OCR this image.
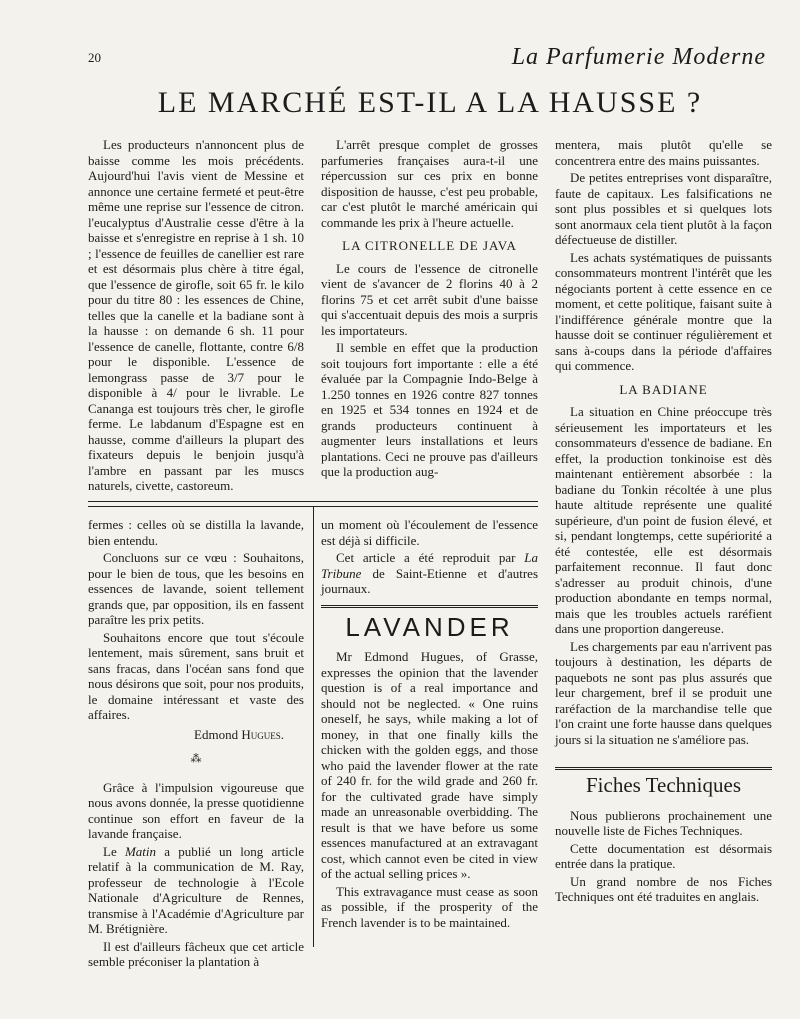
20	La Parfumerie Moderne
LE MARCHÉ EST-IL A LA HAUSSE ?

Les producteurs n'annoncent plus de baisse comme les mois précédents. Aujourd'hui l'avis vient de Messine et annonce une certaine fermeté et peut-être même une reprise sur l'essence de citron. l'eucalyptus d'Australie cesse d'être à la baisse et s'enregistre en reprise à 1 sh. 10 ; l'essence de feuilles de canellier est rare et est désormais plus chère à titre égal, que l'essence de girofle, soit 65 fr. le kilo pour du titre 80 : les essences de Chine, telles que la canelle et la badiane sont à la hausse : on demande 6 sh. 11 pour l'essence de canelle, flottante, contre 6/8 pour le disponible. L'essence de lemongrass passe de 3/7 pour le disponible à 4/ pour le livrable. Le Cananga est toujours très cher, le girofle ferme. Le labdanum d'Espagne est en hausse, comme d'ailleurs la plupart des fixateurs depuis le benjoin jusqu'à l'ambre en passant par les muscs naturels, civette, castoreum.

L'arrêt presque complet de grosses parfumeries françaises aura-t-il une répercussion sur ces prix en bonne disposition de hausse, c'est peu probable, car c'est plutôt le marché américain qui commande les prix à l'heure actuelle.

LA CITRONELLE DE JAVA

Le cours de l'essence de citronelle vient de s'avancer de 2 florins 40 à 2 florins 75 et cet arrêt subit d'une baisse qui s'accentuait depuis des mois a surpris les importateurs.

Il semble en effet que la production soit toujours fort importante : elle a été évaluée par la Compagnie Indo-Belge à 1.250 tonnes en 1926 contre 827 tonnes en 1925 et 534 tonnes en 1924 et de grands producteurs continuent à augmenter leurs installations et leurs plantations. Ceci ne prouve pas d'ailleurs que la production aug-

mentera, mais plutôt qu'elle se concentrera entre des mains puissantes.

De petites entreprises vont disparaître, faute de capitaux. Les falsifications ne sont plus possibles et si quelques lots sont anormaux cela tient plutôt à la façon défectueuse de distiller.

Les achats systématiques de puissants consommateurs montrent l'intérêt que les négociants portent à cette essence en ce moment, et cette politique, faisant suite à l'indifférence générale montre que la hausse doit se continuer régulièrement et sans à-coups dans la période d'affaires qui commence.

LA BADIANE

La situation en Chine préoccupe très sérieusement les importateurs et les consommateurs d'essence de badiane. En effet, la production tonkinoise est dès maintenant entièrement absorbée : la badiane du Tonkin récoltée à une plus haute altitude représente une qualité supérieure, d'un point de fusion élevé, et si, pendant longtemps, cette supériorité a été contestée, elle est désormais parfaitement reconnue. Il faut donc s'adresser au produit chinois, d'une production abondante en temps normal, mais que les troubles actuels raréfient dans une proportion dangereuse.

Les chargements par eau n'arrivent pas toujours à destination, les départs de paquebots ne sont pas plus assurés que leur chargement, bref il se produit une raréfaction de la marchandise telle que l'on craint une forte hausse dans quelques jours si la situation ne s'améliore pas.

Fiches Techniques

Nous publierons prochainement une nouvelle liste de Fiches Techniques.

Cette documentation est désormais entrée dans la pratique.

Un grand nombre de nos Fiches Techniques ont été traduites en anglais.

fermes : celles où se distilla la lavande, bien entendu.

Concluons sur ce vœu : Souhaitons, pour le bien de tous, que les besoins en essences de lavande, soient tellement grands que, par opposition, ils en fassent paraître les prix petits.

Souhaitons encore que tout s'écoule lentement, mais sûrement, sans bruit et sans fracas, dans l'océan sans fond que nous désirons que soit, pour nos produits, le domaine intéressant et vaste des affaires.

Edmond Hugues.
⁂

Grâce à l'impulsion vigoureuse que nous avons donnée, la presse quotidienne continue son effort en faveur de la lavande française.

Le Matin a publié un long article relatif à la communication de M. Ray, professeur de technologie à l'Ecole Nationale d'Agriculture de Rennes, transmise à l'Académie d'Agriculture par M. Brétignière.

Il est d'ailleurs fâcheux que cet article semble préconiser la plantation à

un moment où l'écoulement de l'essence est déjà si difficile.

Cet article a été reproduit par La Tribune de Saint-Etienne et d'autres journaux.

LAVANDER

Mr Edmond Hugues, of Grasse, expresses the opinion that the lavender question is of a real importance and should not be neglected. « One ruins oneself, he says, while making a lot of money, in that one finally kills the chicken with the golden eggs, and those who paid the lavender flower at the rate of 240 fr. for the wild grade and 260 fr. for the cultivated grade have simply made an unreasonable overbidding. The result is that we have before us some essences manufactured at an extravagant cost, which cannot even be cited in view of the actual selling prices ».

This extravagance must cease as soon as possible, if the prosperity of the French lavender is to be maintained.
